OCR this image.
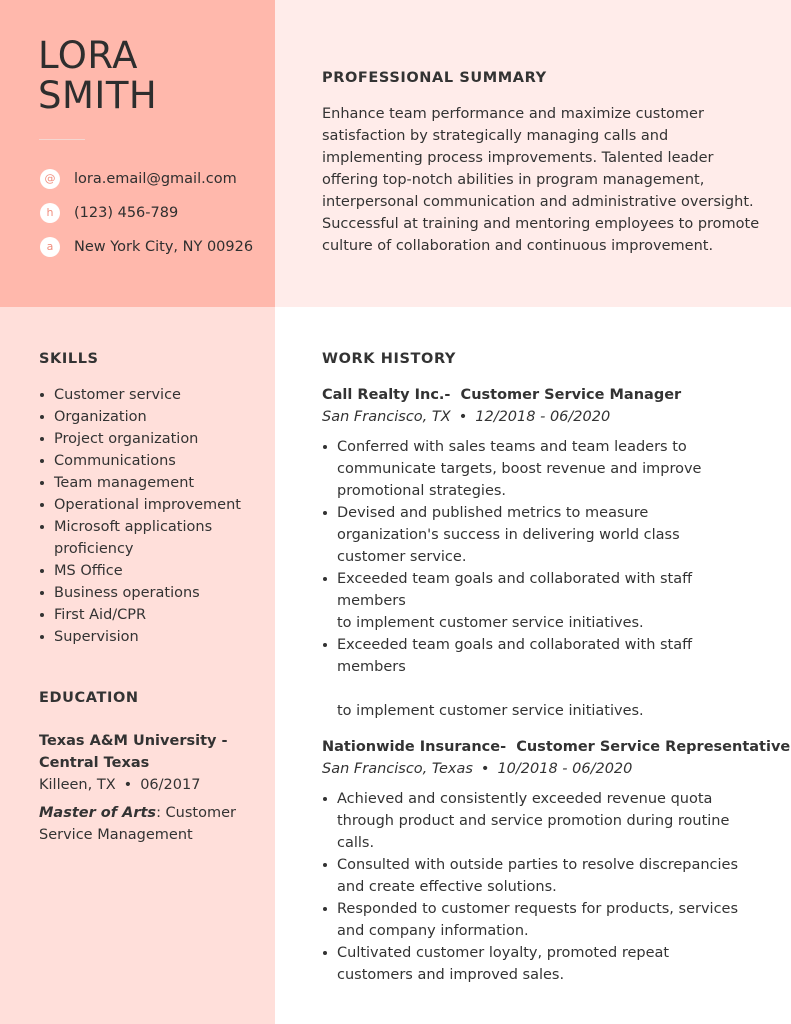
LORA
SMITH
@	lora.email@gmail.com
h	(123) 456-789
a	New York City, NY 00926
PROFESSIONAL SUMMARY

Enhance team performance and maximize customer satisfaction by strategically managing calls and implementing process improvements. Talented leader offering top-notch abilities in program management, interpersonal communication and administrative oversight. Successful at training and mentoring employees to promote culture of collaboration and continuous improvement.

SKILLS
Customer service
Organization
Project organization
Communications
Team management
Operational improvement
Microsoft applications proficiency
MS Office
Business operations
First Aid/CPR
Supervision
EDUCATION

Texas A&M University - Central Texas

Killeen, TX • 06/2017

Master of Arts: Customer Service Management

WORK HISTORY

Call Realty Inc.-  Customer Service Manager

San Francisco, TX • 12/2018 - 06/2020

Conferred with sales teams and team leaders to communicate targets, boost revenue and improve promotional strategies.
Devised and published metrics to measure organization's success in delivering world class customer service.
Exceeded team goals and collaborated with staff members
to implement customer service initiatives.
Exceeded team goals and collaborated with staff members

to implement customer service initiatives.

Nationwide Insurance-  Customer Service Representative

San Francisco, Texas • 10/2018 - 06/2020

Achieved and consistently exceeded revenue quota through product and service promotion during routine calls.
Consulted with outside parties to resolve discrepancies and create effective solutions.
Responded to customer requests for products, services and company information.
Cultivated customer loyalty, promoted repeat customers and improved sales.
